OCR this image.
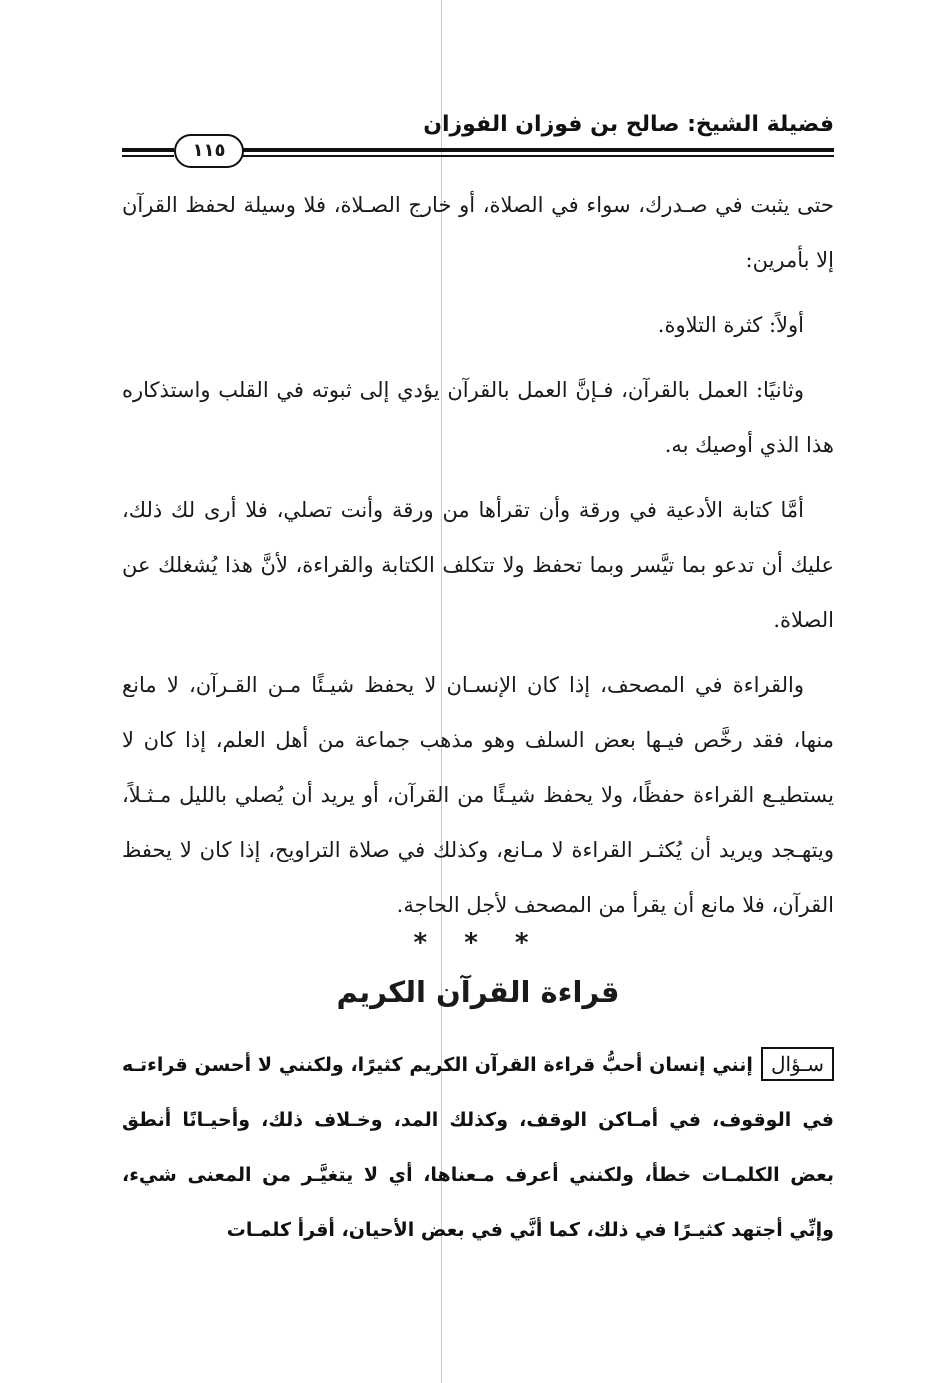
فضيلة الشيخ: صالح بن فوزان الفوزان
١١٥

حتى يثبت في صـدرك، سواء في الصلاة، أو خارج الصـلاة، فلا وسيلة لحفظ القرآن إلا بأمرين:

أولاً: كثرة التلاوة.

وثانيًا: العمل بالقرآن، فـإنَّ العمل بالقرآن يؤدي إلى ثبوته في القلب واستذكاره هذا الذي أوصيك به.

أمَّا كتابة الأدعية في ورقة وأن تقرأها من ورقة وأنت تصلي، فلا أرى لك ذلك، عليك أن تدعو بما تيَّسر وبما تحفظ ولا تتكلف الكتابة والقراءة، لأنَّ هذا يُشغلك عن الصلاة.

والقراءة في المصحف، إذا كان الإنسـان لا يحفظ شيـئًا مـن القـرآن، لا مانع منها، فقد رخَّص فيـها بعض السلف وهو مذهب جماعة من أهل العلم، إذا كان لا يستطيـع القراءة حفظًا، ولا يحفظ شيـئًا من القرآن، أو يريد أن يُصلي بالليل مـثـلاً، ويتهـجد ويريد أن يُكثـر القراءة لا مـانع، وكذلك في صلاة التراويح، إذا كان لا يحفظ القرآن، فلا مانع أن يقرأ من المصحف لأجل الحاجة.

* * *
قراءة القرآن الكريم
سـؤالإنني إنسان أحبُّ قراءة القرآن الكريم كثيرًا، ولكنني لا أحسن قراءتـه في الوقوف، في أمـاكن الوقف، وكذلك المد، وخـلاف ذلك، وأحيـانًا أنطق بعض الكلمـات خطأ، ولكنني أعرف مـعناها، أي لا يتغيَّـر من المعنى شيء، وإنِّي أجتهد كثيـرًا في ذلك، كما أنَّي في بعض الأحيان، أقرأ كلمـات
